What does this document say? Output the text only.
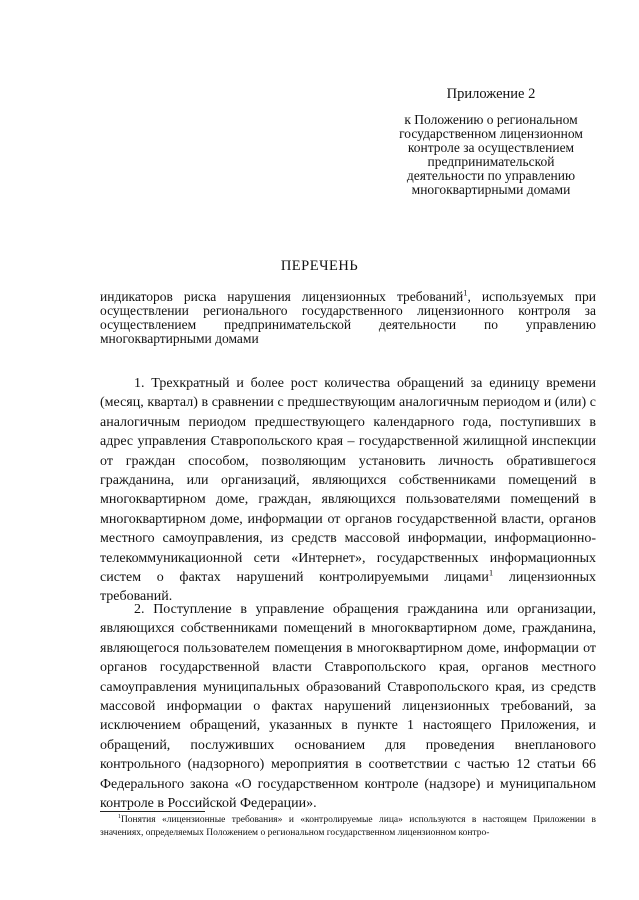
Приложение 2
к Положению о региональном государственном лицензионном контроле за осуществлением предпринимательской деятельности по управлению многоквартирными домами
ПЕРЕЧЕНЬ
индикаторов риска нарушения лицензионных требований$^1$, используемых при осуществлении регионального государственного лицензионного контроля за осуществлением предпринимательской деятельности по управлению многоквартирными домами
1. Трехкратный и более рост количества обращений за единицу времени (месяц, квартал) в сравнении с предшествующим аналогичным периодом и (или) с аналогичным периодом предшествующего календарного года, поступивших в адрес управления Ставропольского края – государственной жилищной инспекции от граждан способом, позволяющим установить личность обратившегося гражданина, или организаций, являющихся собственниками помещений в многоквартирном доме, граждан, являющихся пользователями помещений в многоквартирном доме, информации от органов государственной власти, органов местного самоуправления, из средств массовой информации, информационно-телекоммуникационной сети «Интернет», государственных информационных систем о фактах нарушений контролируемыми лицами$^1$ лицензионных требований.
2. Поступление в управление обращения гражданина или организации, являющихся собственниками помещений в многоквартирном доме, гражданина, являющегося пользователем помещения в многоквартирном доме, информации от органов государственной власти Ставропольского края, органов местного самоуправления муниципальных образований Ставропольского края, из средств массовой информации о фактах нарушений лицензионных требований, за исключением обращений, указанных в пункте 1 настоящего Приложения, и обращений, послуживших основанием для проведения внепланового контрольного (надзорного) мероприятия в соответствии с частью 12 статьи 66 Федерального закона «О государственном контроле (надзоре) и муниципальном контроле в Российской Федерации».
$^1$Понятия «лицензионные требования» и «контролируемые лица» используются в настоящем Приложении в значениях, определяемых Положением о региональном государственном лицензионном контро-
